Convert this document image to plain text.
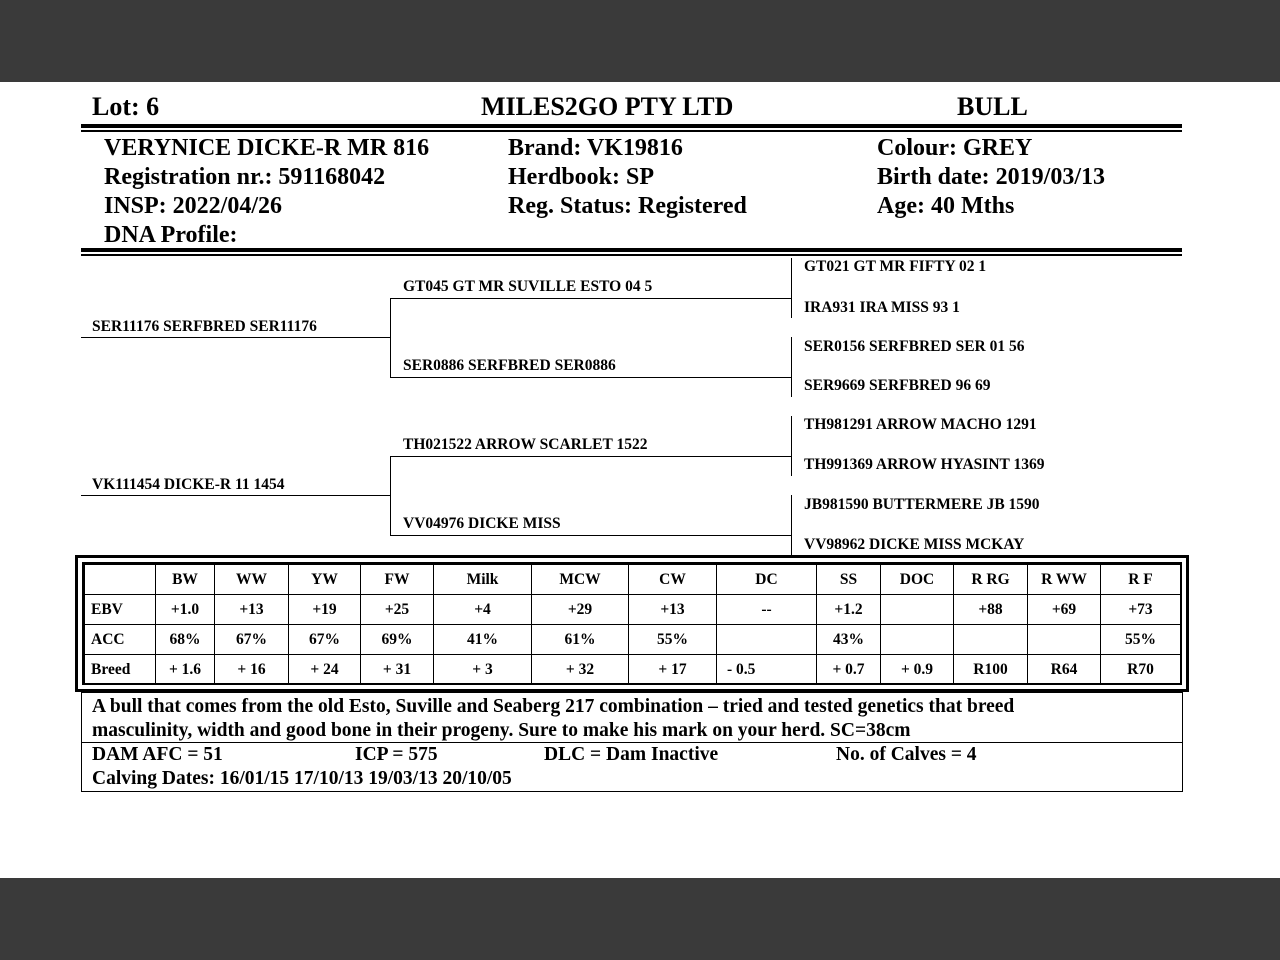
Lot: 6	MILES2GO PTY LTD	BULL
VERYNICE DICKE-R MR 816
Registration nr.: 591168042
INSP: 2022/04/26
DNA Profile:
Brand: VK19816
Herdbook: SP
Reg. Status: Registered
Colour: GREY
Birth date: 2019/03/13
Age: 40 Mths
SER11176 SERFBRED SER11176
VK111454 DICKE-R 11 1454
GT045 GT MR SUVILLE ESTO 04 5
SER0886 SERFBRED SER0886
TH021522 ARROW SCARLET 1522
VV04976 DICKE MISS
GT021 GT MR FIFTY 02 1
IRA931 IRA MISS 93 1
SER0156 SERFBRED SER 01 56
SER9669 SERFBRED 96 69
TH981291 ARROW MACHO 1291
TH991369 ARROW HYASINT 1369
JB981590 BUTTERMERE JB 1590
VV98962 DICKE MISS MCKAY
	BW	WW	YW	FW	Milk	MCW	CW	DC	SS	DOC	R RG	R WW	R F
EBV	+1.0	+13	+19	+25	+4	+29	+13	--	+1.2		+88	+69	+73
ACC	68%	67%	67%	69%	41%	61%	55%		43%				55%
Breed	+ 1.6	+ 16	+ 24	+ 31	+ 3	+ 32	+ 17	- 0.5	+ 0.7	+ 0.9	R100	R64	R70
A bull that comes from the old Esto, Suville and Seaberg 217 combination – tried and tested genetics that breed
masculinity, width and good bone in their progeny. Sure to make his mark on your herd. SC=38cm
DAM AFC = 51	ICP = 575	DLC = Dam Inactive	No. of Calves = 4
Calving Dates: 16/01/15 17/10/13 19/03/13 20/10/05
